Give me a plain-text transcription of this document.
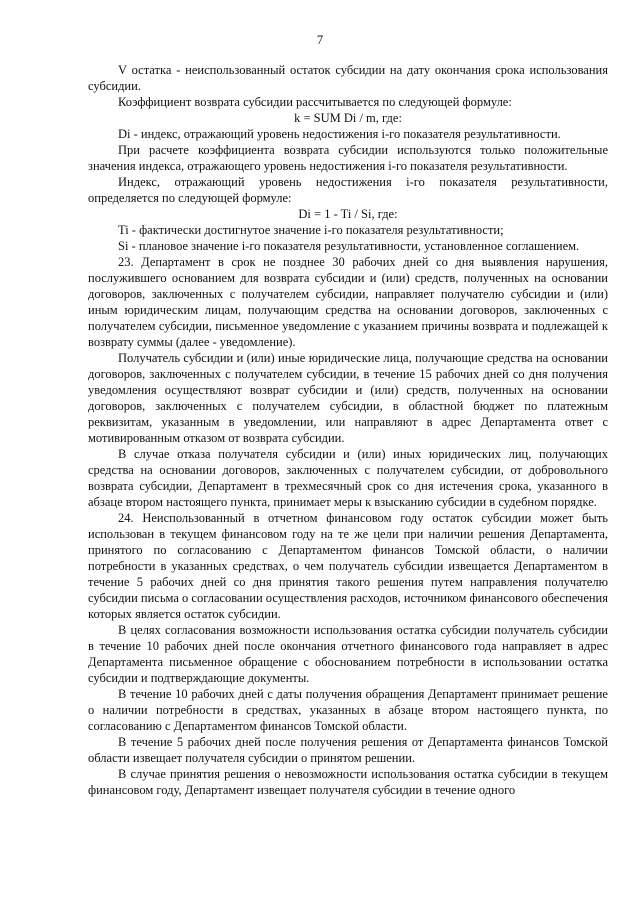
7

V остатка - неиспользованный остаток субсидии на дату окончания срока использования субсидии.

Коэффициент возврата субсидии рассчитывается по следующей формуле:

k = SUM Di / m, где:

Di - индекс, отражающий уровень недостижения i-го показателя результативности.

При расчете коэффициента возврата субсидии используются только положительные значения индекса, отражающего уровень недостижения i-го показателя результативности.

Индекс, отражающий уровень недостижения i-го показателя результативности, определяется по следующей формуле:

Di = 1 - Ti / Si, где:

Ti - фактически достигнутое значение i-го показателя результативности;

Si - плановое значение i-го показателя результативности, установленное соглашением.

23. Департамент в срок не позднее 30 рабочих дней со дня выявления нарушения, послужившего основанием для возврата субсидии и (или) средств, полученных на основании договоров, заключенных с получателем субсидии, направляет получателю субсидии и (или) иным юридическим лицам, получающим средства на основании договоров, заключенных с получателем субсидии, письменное уведомление с указанием причины возврата и подлежащей к возврату суммы (далее - уведомление).

Получатель субсидии и (или) иные юридические лица, получающие средства на основании договоров, заключенных с получателем субсидии, в течение 15 рабочих дней со дня получения уведомления осуществляют возврат субсидии и (или) средств, полученных на основании договоров, заключенных с получателем субсидии, в областной бюджет по платежным реквизитам, указанным в уведомлении, или направляют в адрес Департамента ответ с мотивированным отказом от возврата субсидии.

В случае отказа получателя субсидии и (или) иных юридических лиц, получающих средства на основании договоров, заключенных с получателем субсидии, от добровольного возврата субсидии, Департамент в трехмесячный срок со дня истечения срока, указанного в абзаце втором настоящего пункта, принимает меры к взысканию субсидии в судебном порядке.

24. Неиспользованный в отчетном финансовом году остаток субсидии может быть использован в текущем финансовом году на те же цели при наличии решения Департамента, принятого по согласованию с Департаментом финансов Томской области, о наличии потребности в указанных средствах, о чем получатель субсидии извещается Департаментом в течение 5 рабочих дней со дня принятия такого решения путем направления получателю субсидии письма о согласовании осуществления расходов, источником финансового обеспечения которых является остаток субсидии.

В целях согласования возможности использования остатка субсидии получатель субсидии в течение 10 рабочих дней после окончания отчетного финансового года направляет в адрес Департамента письменное обращение с обоснованием потребности в использовании остатка субсидии и подтверждающие документы.

В течение 10 рабочих дней с даты получения обращения Департамент принимает решение о наличии потребности в средствах, указанных в абзаце втором настоящего пункта, по согласованию с Департаментом финансов Томской области.

В течение 5 рабочих дней после получения решения от Департамента финансов Томской области извещает получателя субсидии о принятом решении.

В случае принятия решения о невозможности использования остатка субсидии в текущем финансовом году, Департамент извещает получателя субсидии в течение одного
